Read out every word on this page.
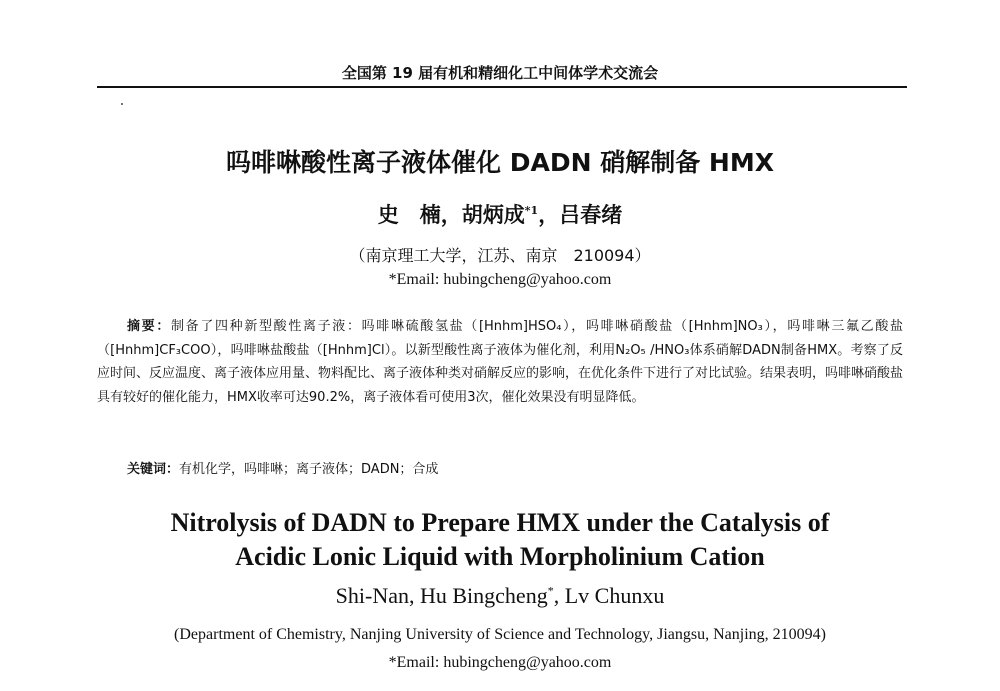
全国第 19 届有机和精细化工中间体学术交流会
吗啡啉酸性离子液体催化 DADN 硝解制备 HMX
史　楠，胡炳成$^{*1}$，吕春绪
（南京理工大学，江苏、南京　210094）
*Email: hubingcheng@yahoo.com
摘要：制备了四种新型酸性离子液：吗啡啉硫酸氢盐（[Hnhm]HSO₄），吗啡啉硝酸盐（[Hnhm]NO₃），吗啡啉三氟乙酸盐（[Hnhm]CF₃COO），吗啡啉盐酸盐（[Hnhm]Cl）。以新型酸性离子液体为催化剂，利用N₂O₅ /HNO₃体系硝解DADN制备HMX。考察了反应时间、反应温度、离子液体应用量、物料配比、离子液体种类对硝解反应的影响，在优化条件下进行了对比试验。结果表明，吗啡啉硝酸盐具有较好的催化能力，HMX收率可达90.2%，离子液体看可使用3次，催化效果没有明显降低。
关键词：有机化学，吗啡啉；离子液体；DADN；合成
Nitrolysis of DADN to Prepare HMX under the Catalysis of
Acidic Lonic Liquid with Morpholinium Cation
Shi-Nan, Hu Bingcheng*, Lv Chunxu
(Department of Chemistry, Nanjing University of Science and Technology, Jiangsu, Nanjing, 210094)
*Email: hubingcheng@yahoo.com
